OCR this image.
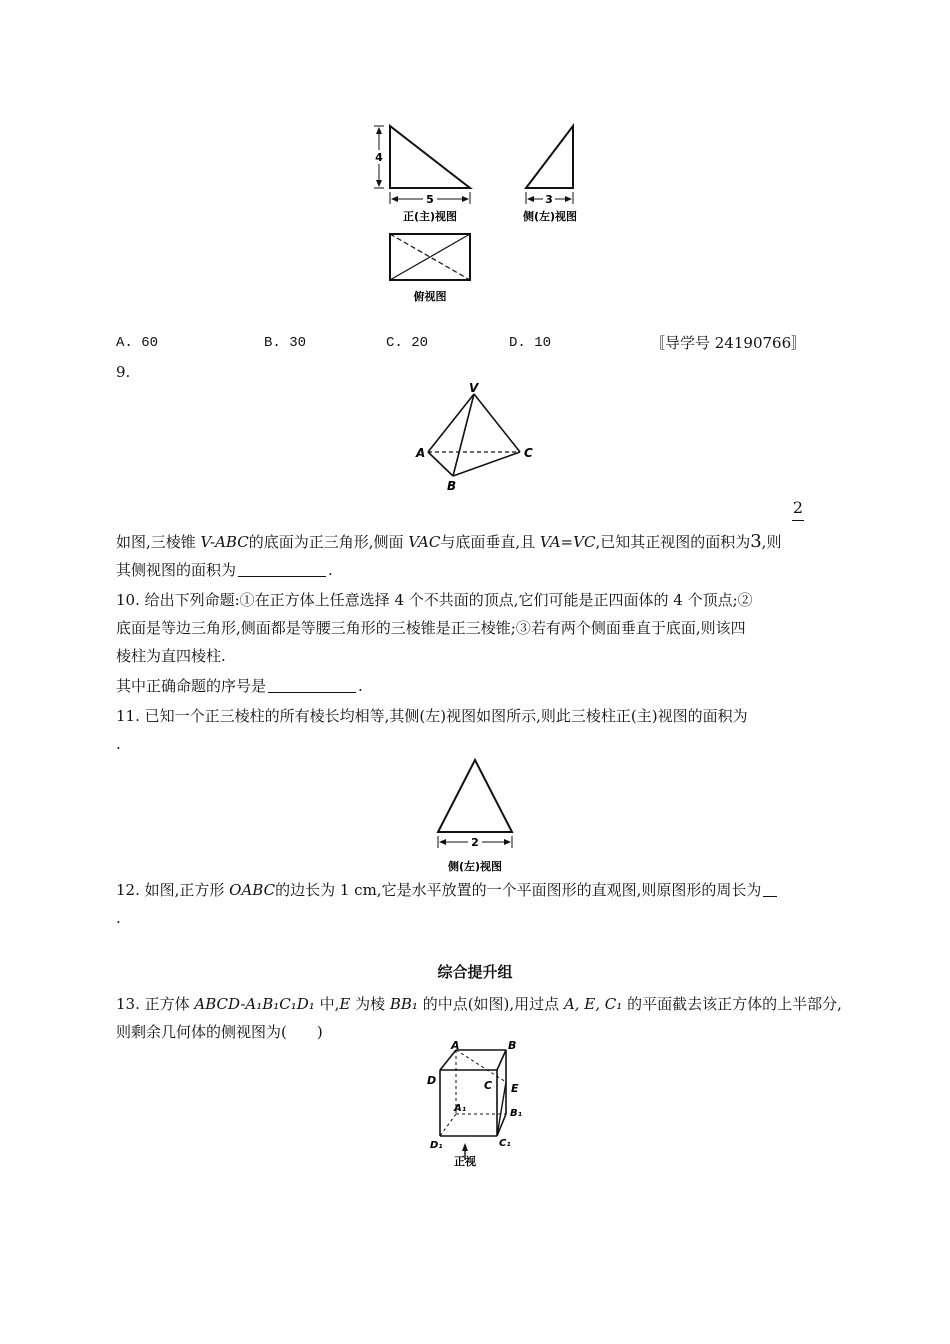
4
5
正(主)视图
3
侧(左)视图
俯视图
A. 60	B. 30	C. 20	D. 10	〚导学号 24190766〛
9.
V
A
B
C
2
如图,三棱锥 V-ABC的底面为正三角形,侧面 VAC与底面垂直,且 VA=VC,已知其正视图的面积为3,则
其侧视图的面积为	.
10. 给出下列命题:①在正方体上任意选择 4 个不共面的顶点,它们可能是正四面体的 4 个顶点;②
底面是等边三角形,侧面都是等腰三角形的三棱锥是正三棱锥;③若有两个侧面垂直于底面,则该四
棱柱为直四棱柱.
其中正确命题的序号是	.
11. 已知一个正三棱柱的所有棱长均相等,其侧(左)视图如图所示,则此三棱柱正(主)视图的面积为
.
2
侧(左)视图
12. 如图,正方形 OABC的边长为 1 cm,它是水平放置的一个平面图形的直观图,则原图形的周长为
.
综合提升组
13. 正方体 ABCD-A₁B₁C₁D₁ 中,E 为棱 BB₁ 的中点(如图),用过点 A, E, C₁ 的平面截去该正方体的上半部分,
则剩余几何体的侧视图为(　　)
A	B
C
D
E
A₁	B₁
C₁
D₁
正视
